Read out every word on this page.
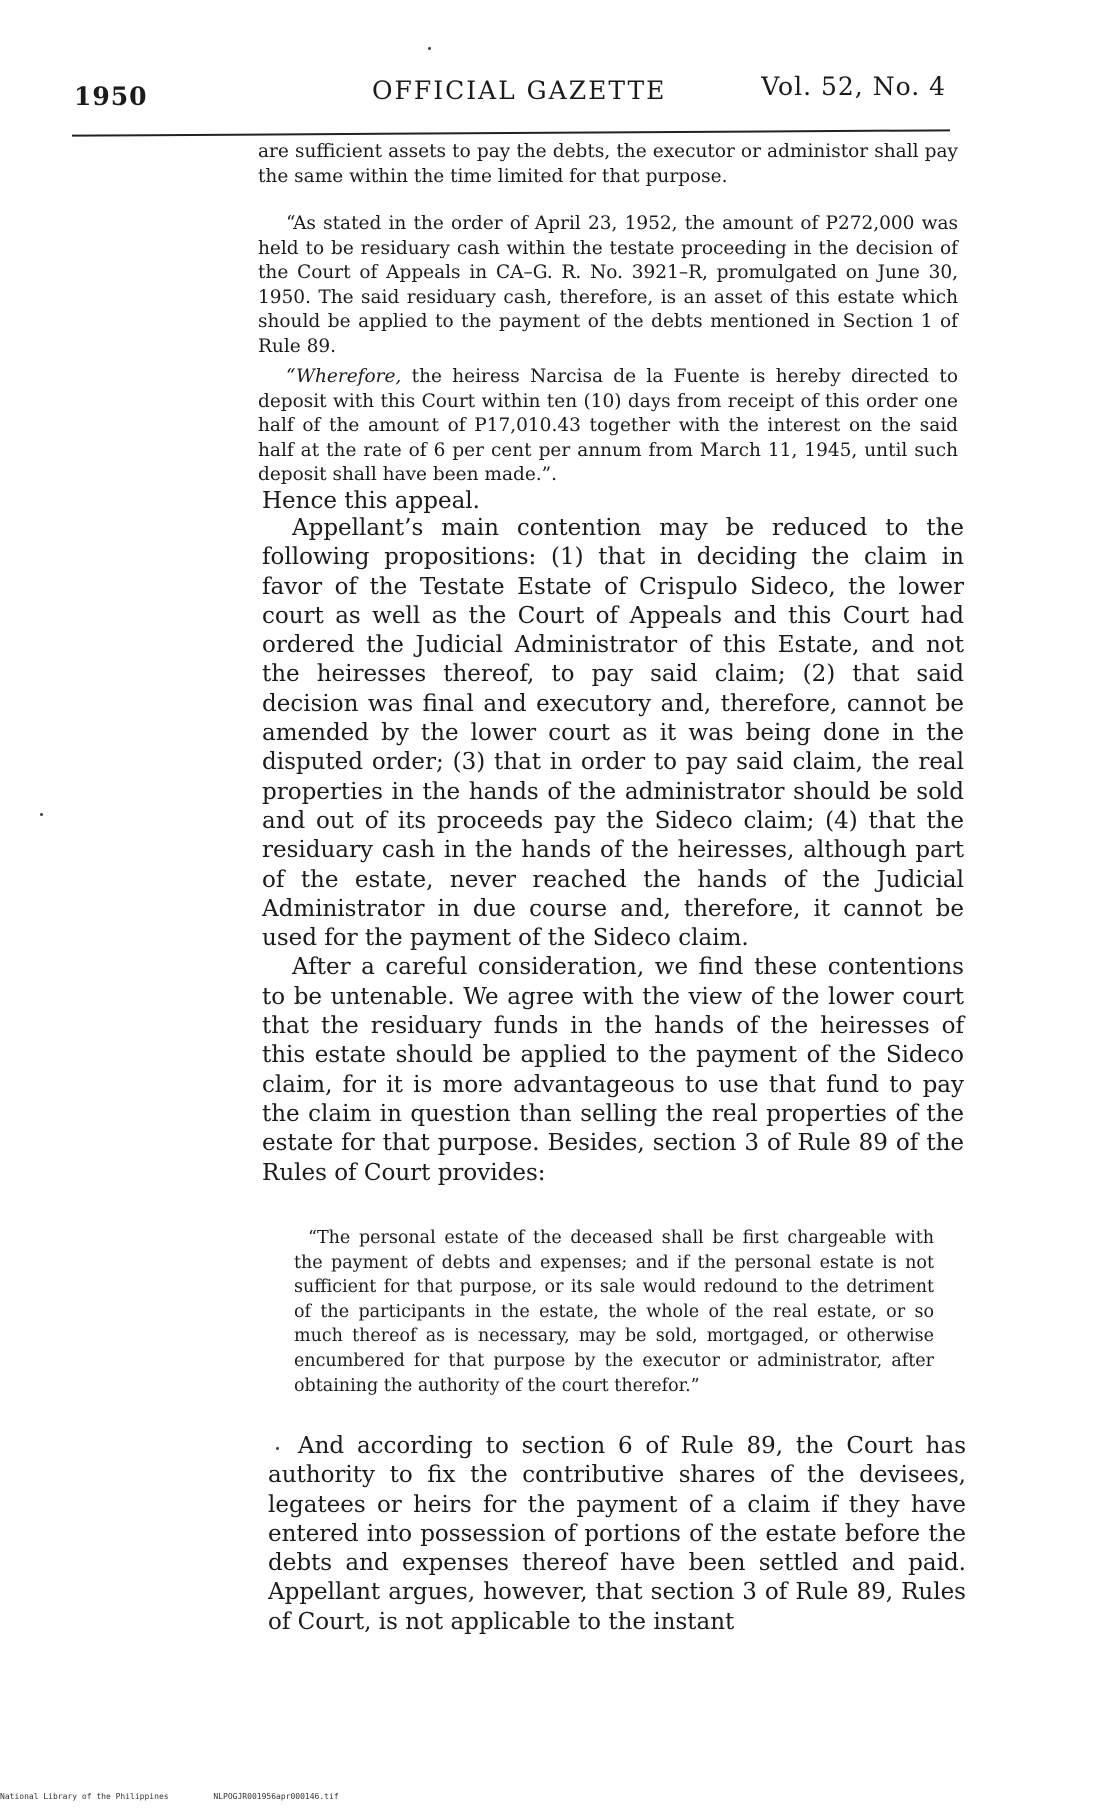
1950	OFFICIAL GAZETTE	Vol. 52, No. 4

are sufficient assets to pay the debts, the executor or administor shall pay the same within the time limited for that purpose.

“As stated in the order of April 23, 1952, the amount of P272,000 was held to be residuary cash within the testate proceeding in the decision of the Court of Appeals in CA–G. R. No. 3921–R, promulgated on June 30, 1950. The said residuary cash, therefore, is an asset of this estate which should be applied to the payment of the debts mentioned in Section 1 of Rule 89.

“Wherefore, the heiress Narcisa de la Fuente is hereby directed to deposit with this Court within ten (10) days from receipt of this order one half of the amount of P17,010.43 together with the interest on the said half at the rate of 6 per cent per annum from March 11, 1945, until such deposit shall have been made.”.

Hence this appeal.

Appellant’s main contention may be reduced to the following propositions: (1) that in deciding the claim in favor of the Testate Estate of Crispulo Sideco, the lower court as well as the Court of Appeals and this Court had ordered the Judicial Administrator of this Estate, and not the heiresses thereof, to pay said claim; (2) that said decision was final and executory and, therefore, cannot be amended by the lower court as it was being done in the disputed order; (3) that in order to pay said claim, the real properties in the hands of the administrator should be sold and out of its proceeds pay the Sideco claim; (4) that the residuary cash in the hands of the heiresses, although part of the estate, never reached the hands of the Judicial Administrator in due course and, therefore, it cannot be used for the payment of the Sideco claim.

After a careful consideration, we find these contentions to be untenable. We agree with the view of the lower court that the residuary funds in the hands of the heiresses of this estate should be applied to the payment of the Sideco claim, for it is more advantageous to use that fund to pay the claim in question than selling the real properties of the estate for that purpose. Besides, section 3 of Rule 89 of the Rules of Court provides:

“The personal estate of the deceased shall be first chargeable with the payment of debts and expenses; and if the personal estate is not sufficient for that purpose, or its sale would redound to the detriment of the participants in the estate, the whole of the real estate, or so much thereof as is necessary, may be sold, mortgaged, or otherwise encumbered for that purpose by the executor or administrator, after obtaining the authority of the court therefor.”

And according to section 6 of Rule 89, the Court has authority to fix the contributive shares of the devisees, legatees or heirs for the payment of a claim if they have entered into possession of portions of the estate before the debts and expenses thereof have been settled and paid. Appellant argues, however, that section 3 of Rule 89, Rules of Court, is not applicable to the instant

National Library of the Philippines	NLPOGJR001956apr000146.tif
